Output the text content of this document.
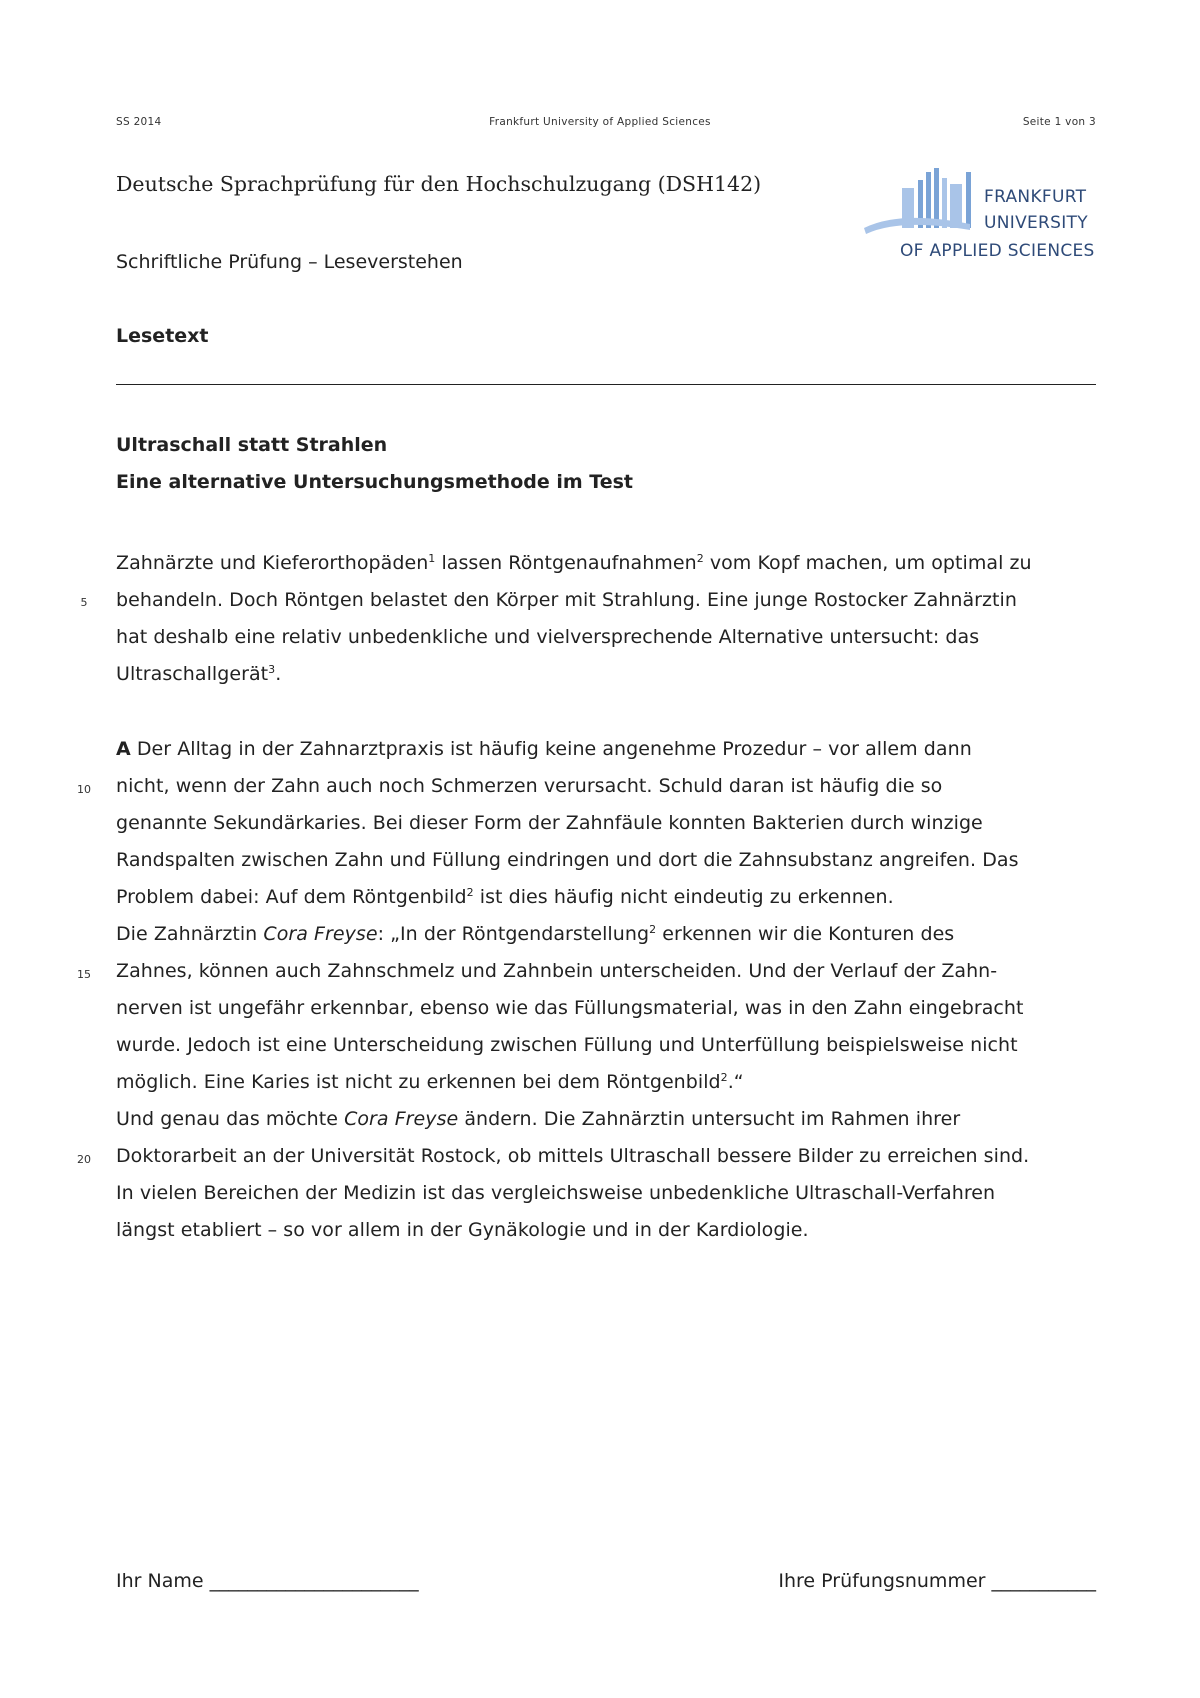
SS 2014	Frankfurt University of Applied Sciences	Seite 1 von 3
FRANKFURT
UNIVERSITY
OF APPLIED SCIENCES
Deutsche Sprachprüfung für den Hochschulzugang (DSH142)
Schriftliche Prüfung – Leseverstehen
Lesetext
Ultraschall statt Strahlen
Eine alternative Untersuchungsmethode im Test
5
10
15
20
Zahnärzte und Kieferorthopäden$^1$ lassen Röntgenaufnahmen$^2$ vom Kopf machen, um optimal zu
behandeln. Doch Röntgen belastet den Körper mit Strahlung. Eine junge Rostocker Zahnärztin
hat deshalb eine relativ unbedenkliche und vielversprechende Alternative untersucht: das
Ultraschallgerät$^3$.
A Der Alltag in der Zahnarztpraxis ist häufig keine angenehme Prozedur – vor allem dann
nicht, wenn der Zahn auch noch Schmerzen verursacht. Schuld daran ist häufig die so
genannte Sekundärkaries. Bei dieser Form der Zahnfäule konnten Bakterien durch winzige
Randspalten zwischen Zahn und Füllung eindringen und dort die Zahnsubstanz angreifen. Das
Problem dabei: Auf dem Röntgenbild$^2$ ist dies häufig nicht eindeutig zu erkennen.
Die Zahnärztin Cora Freyse: „In der Röntgendarstellung$^2$ erkennen wir die Konturen des
Zahnes, können auch Zahnschmelz und Zahnbein unterscheiden. Und der Verlauf der Zahn-
nerven ist ungefähr erkennbar, ebenso wie das Füllungsmaterial, was in den Zahn eingebracht
wurde. Jedoch ist eine Unterscheidung zwischen Füllung und Unterfüllung beispielsweise nicht
möglich. Eine Karies ist nicht zu erkennen bei dem Röntgenbild$^2$.“
Und genau das möchte Cora Freyse ändern. Die Zahnärztin untersucht im Rahmen ihrer
Doktorarbeit an der Universität Rostock, ob mittels Ultraschall bessere Bilder zu erreichen sind.
In vielen Bereichen der Medizin ist das vergleichsweise unbedenkliche Ultraschall-Verfahren
längst etabliert – so vor allem in der Gynäkologie und in der Kardiologie.
Ihr Name ______________________	Ihre Prüfungsnummer ___________
